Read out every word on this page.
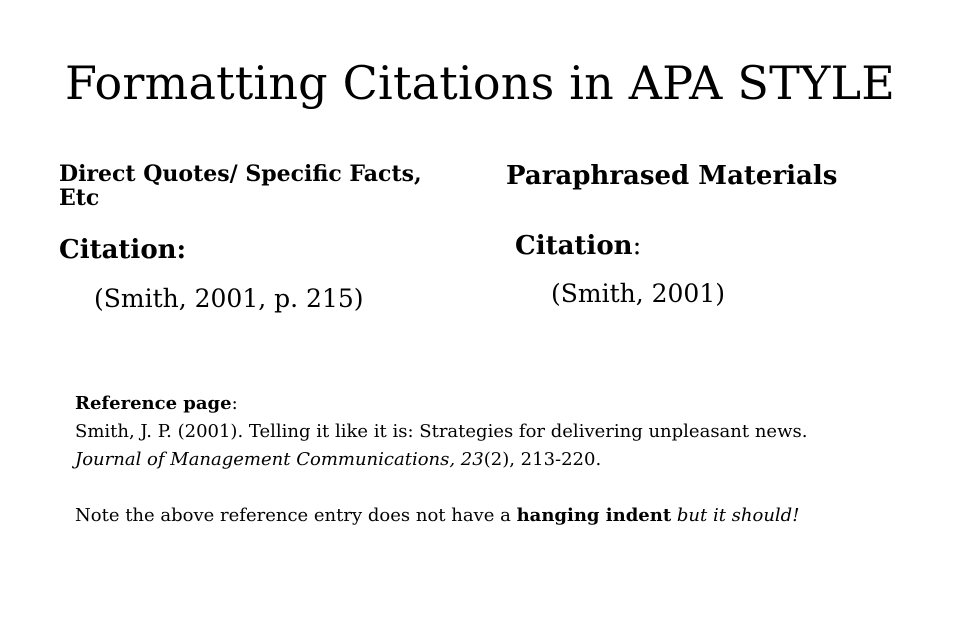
Formatting Citations in APA STYLE
Direct Quotes/ Specific Facts, Etc
Paraphrased Materials
Citation:	Citation:
(Smith, 2001, p. 215)	(Smith, 2001)
Reference page:
Smith, J. P. (2001). Telling it like it is: Strategies for delivering unpleasant news.
Journal of Management Communications, 23(2), 213-220.
Note the above reference entry does not have a hanging indent but it should!
